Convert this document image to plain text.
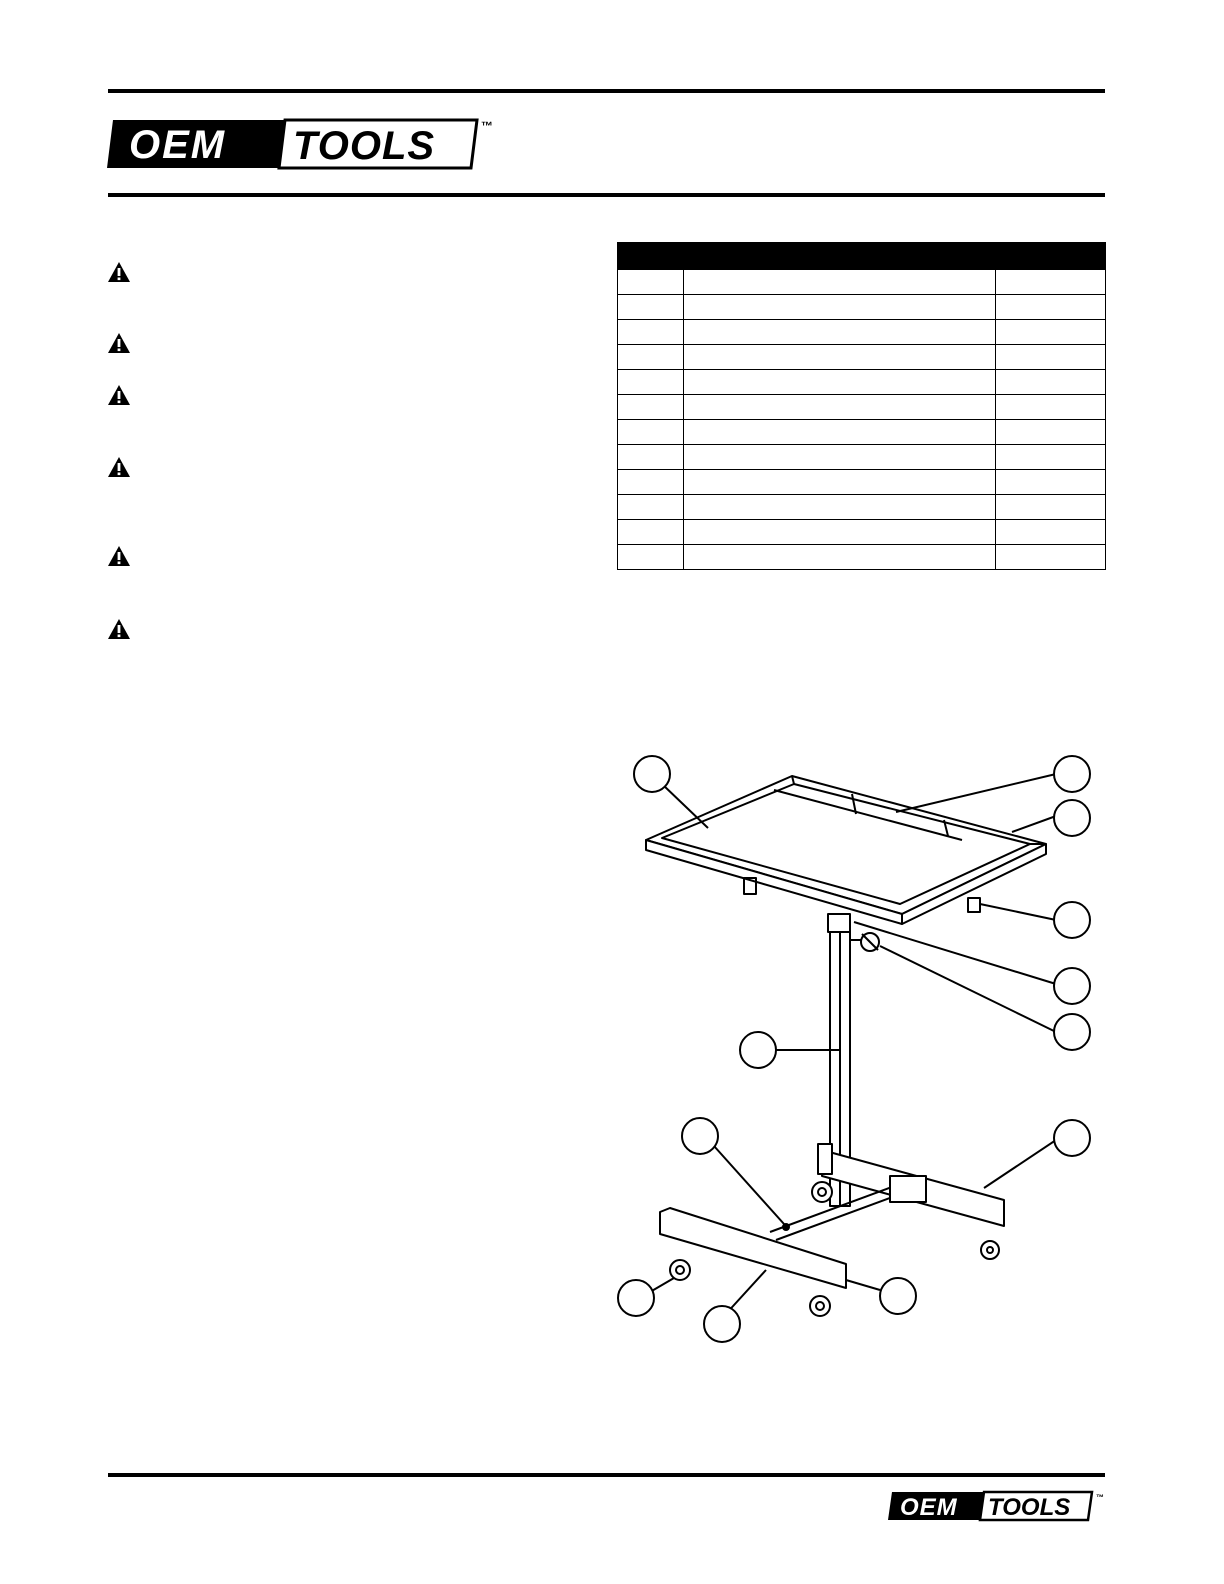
OEM TOOLS	™

OEM TOOLS	™
